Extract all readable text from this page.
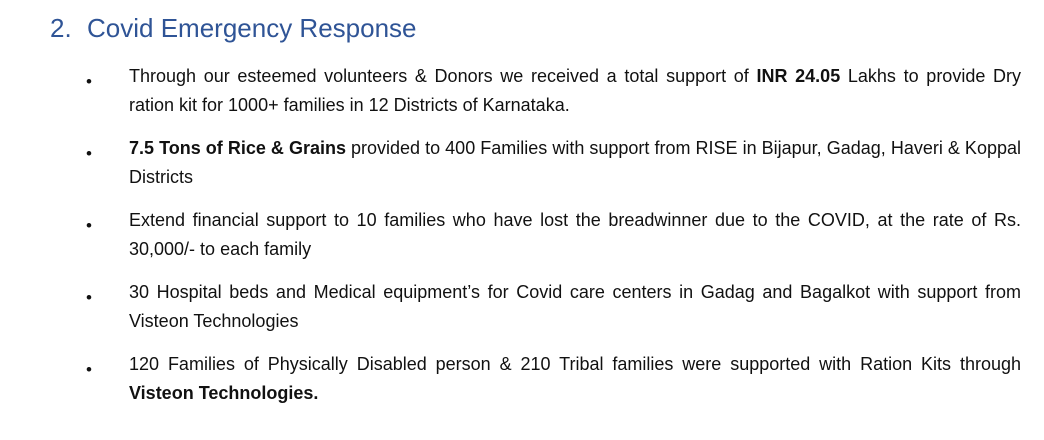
2. Covid Emergency Response
• Through our esteemed volunteers & Donors we received a total support of INR 24.05 Lakhs to provide Dry ration kit for 1000+ families in 12 Districts of Karnataka.
• 7.5 Tons of Rice & Grains provided to 400 Families with support from RISE in Bijapur, Gadag, Haveri & Koppal Districts
• Extend financial support to 10 families who have lost the breadwinner due to the COVID, at the rate of Rs. 30,000/- to each family
• 30 Hospital beds and Medical equipment’s for Covid care centers in Gadag and Bagalkot with support from Visteon Technologies
• 120 Families of Physically Disabled person & 210 Tribal families were supported with Ration Kits through Visteon Technologies.
